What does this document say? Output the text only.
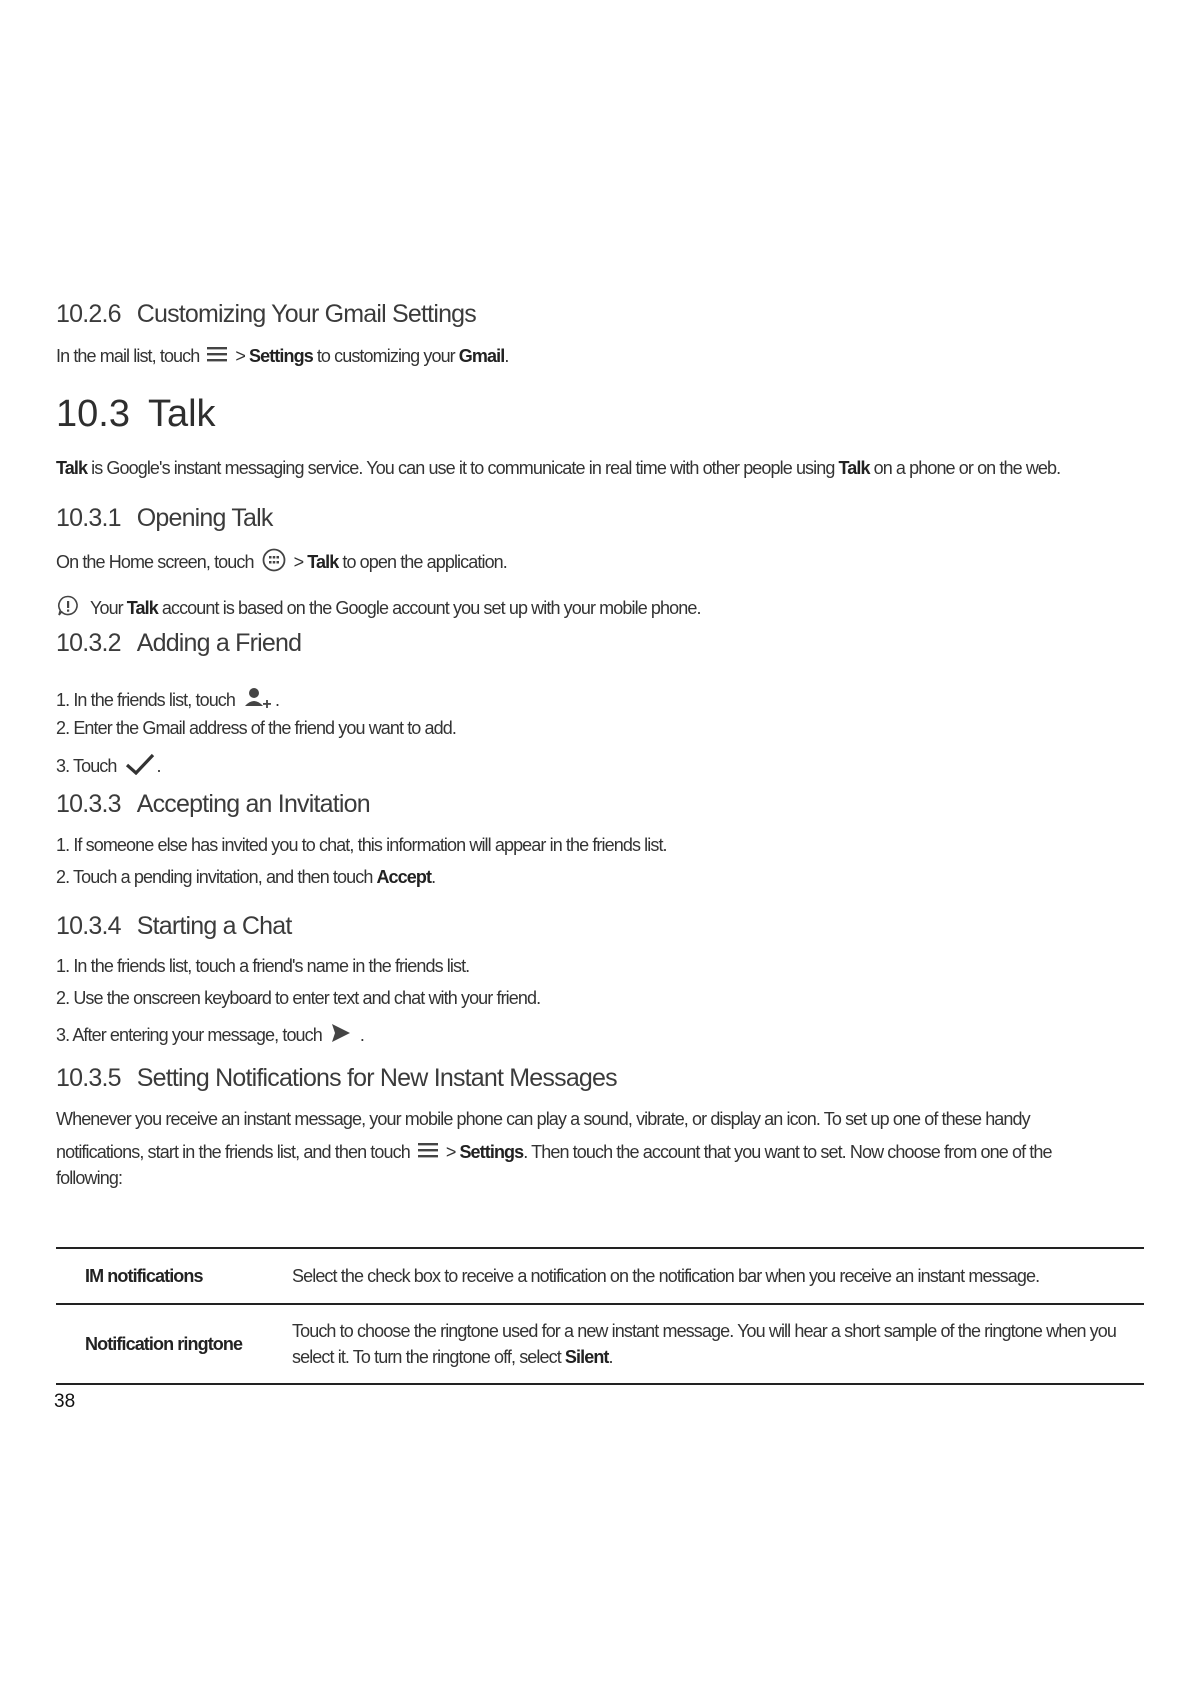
10.2.6 Customizing Your Gmail Settings
In the mail list, touch > Settings to customizing your Gmail .
10.3 Talk
Talk is Google's instant messaging service. You can use it to communicate in real time with other people using Talk on a phone or on the web.
10.3.1 Opening Talk
On the Home screen, touch > Talk to open the application.
Your Talk account is based on the Google account you set up with your mobile phone.
10.3.2 Adding a Friend
1. In the friends list, touch .
2. Enter the Gmail address of the friend you want to add.
3. Touch .
10.3.3 Accepting an Invitation
1. If someone else has invited you to chat, this information will appear in the friends list.
2. Touch a pending invitation, and then touch Accept .
10.3.4 Starting a Chat
1. In the friends list, touch a friend's name in the friends list.
2. Use the onscreen keyboard to enter text and chat with your friend.
3. After entering your message, touch .
10.3.5 Setting Notifications for New Instant Messages
Whenever you receive an instant message, your mobile phone can play a sound, vibrate, or display an icon. To set up one of these handy
notifications, start in the friends list, and then touch > Settings . Then touch the account that you want to set. Now choose from one of the
following:
IM notifications	Select the check box to receive a notification on the notification bar when you receive an instant message.
Notification ringtone	Touch to choose the ringtone used for a new instant message. You will hear a short sample of the ringtone when you select it. To turn the ringtone off, select Silent.
38
